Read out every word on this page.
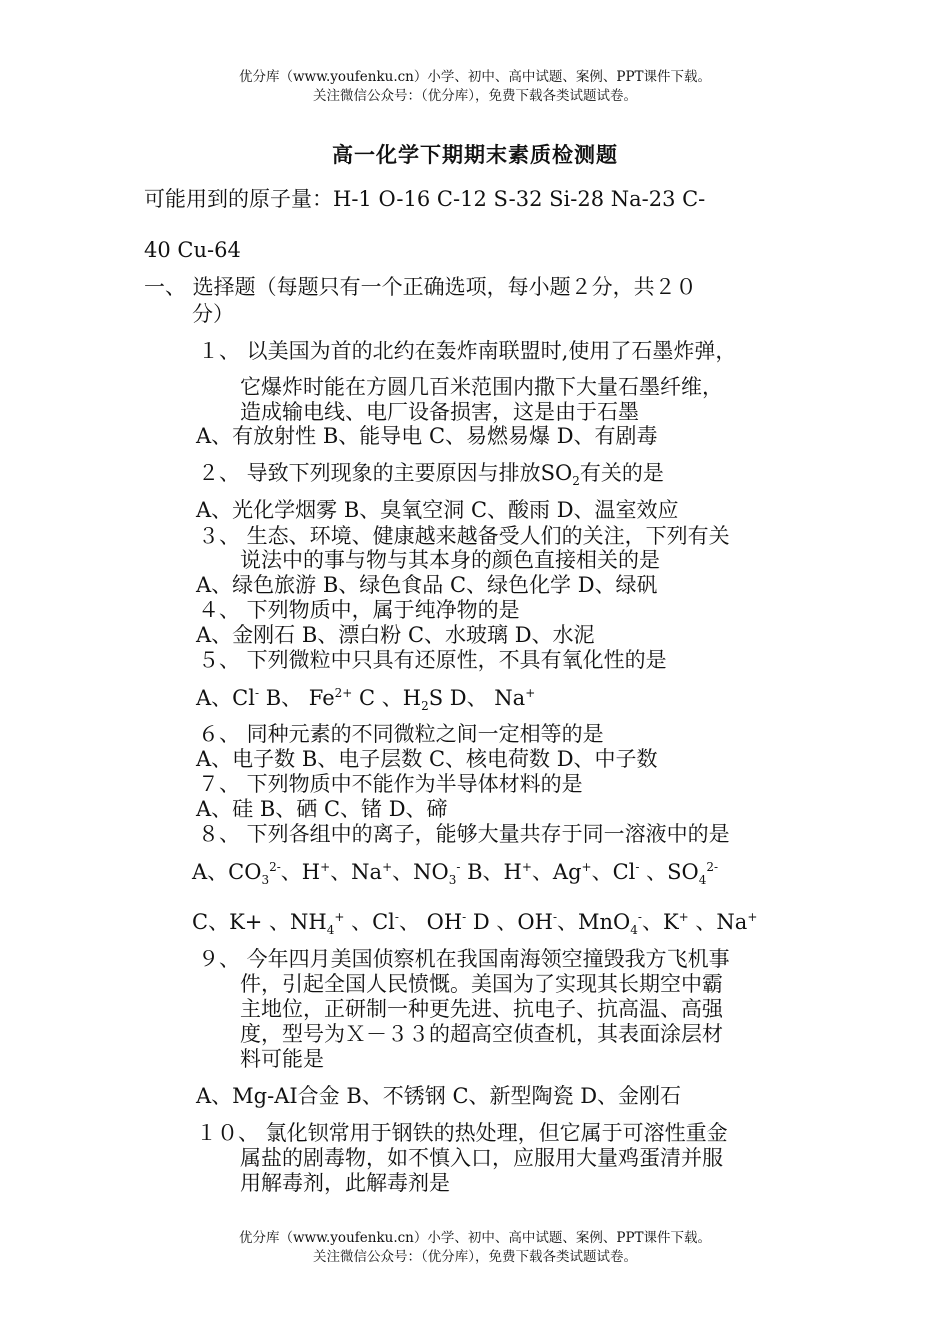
优分库（www.youfenku.cn）小学、初中、高中试题、案例、PPT课件下载。
关注微信公众号：（优分库），免费下载各类试题试卷。
高一化学下期期末素质检测题
可能用到的原子量：H-1 O-16 C-12 S-32 Si-28 Na-23 C-
40 Cu-64
一、 选择题（每题只有一个正确选项，每小题２分，共２０
分）
１、 以美国为首的北约在轰炸南联盟时,使用了石墨炸弹，
它爆炸时能在方圆几百米范围内撒下大量石墨纤维，
造成输电线、电厂设备损害，这是由于石墨
A、有放射性 B、能导电 C、易燃易爆 D、有剧毒
２、 导致下列现象的主要原因与排放$SO_2$有关的是
A、光化学烟雾 B、臭氧空洞 C、酸雨 D、温室效应
３、 生态、环境、健康越来越备受人们的关注，下列有关
说法中的事与物与其本身的颜色直接相关的是
A、绿色旅游 B、绿色食品 C、绿色化学 D、绿矾
４、 下列物质中，属于纯净物的是
A、金刚石 B、漂白粉 C、水玻璃 D、水泥
５、 下列微粒中只具有还原性，不具有氧化性的是
A、Cl- B、 $Fe^{2+}$ C 、$H_2S$ D、 Na+
６、 同种元素的不同微粒之间一定相等的是
A、电子数 B、电子层数 C、核电荷数 D、中子数
７、 下列物质中不能作为半导体材料的是
A、硅 B、硒 C、锗 D、碲
８、 下列各组中的离子，能够大量共存于同一溶液中的是
A、$CO_3^{2-}$、H+、Na+、$NO_3^-$ B、H+、Ag+、Cl- 、$SO_4^{2-}$
C、K+ 、$NH_4^+$ 、Cl-、 OH- D 、OH-、MnO$_4$-、K+ 、Na+
９、 今年四月美国侦察机在我国南海领空撞毁我方飞机事
件，引起全国人民愤慨。美国为了实现其长期空中霸
主地位，正研制一种更先进、抗电子、抗高温、高强
度，型号为Ｘ－３３的超高空侦查机，其表面涂层材
料可能是
A、Mg-AI合金 B、不锈钢 C、新型陶瓷 D、金刚石
１０、 氯化钡常用于钢铁的热处理，但它属于可溶性重金
属盐的剧毒物，如不慎入口，应服用大量鸡蛋清并服
用解毒剂，此解毒剂是
优分库（www.youfenku.cn）小学、初中、高中试题、案例、PPT课件下载。
关注微信公众号：（优分库），免费下载各类试题试卷。
